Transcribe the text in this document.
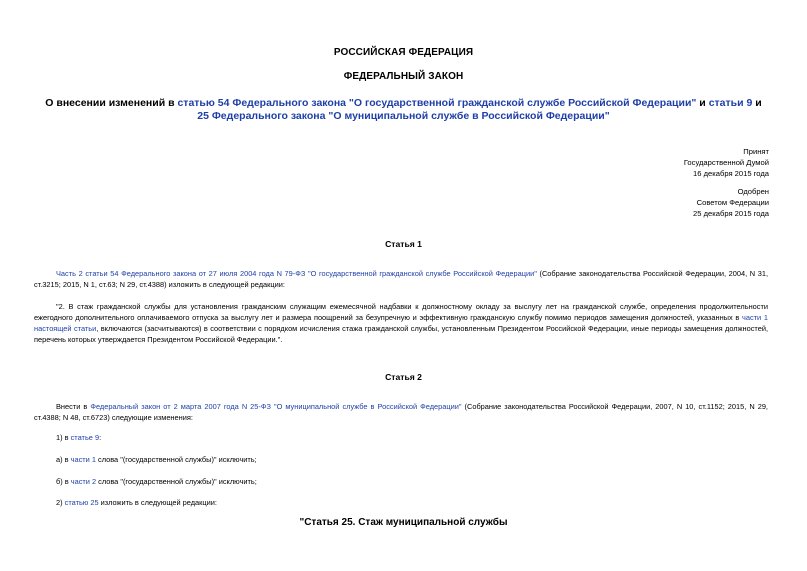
РОССИЙСКАЯ ФЕДЕРАЦИЯ
ФЕДЕРАЛЬНЫЙ ЗАКОН
О внесении изменений в статью 54 Федерального закона "О государственной гражданской службе Российской Федерации" и статьи 9 и 25 Федерального закона "О муниципальной службе в Российской Федерации"
Принят
Государственной Думой
16 декабря 2015 года
Одобрен
Советом Федерации
25 декабря 2015 года
Статья 1
Часть 2 статьи 54 Федерального закона от 27 июля 2004 года N 79-ФЗ "О государственной гражданской службе Российской Федерации" (Собрание законодательства Российской Федерации, 2004, N 31, ст.3215; 2015, N 1, ст.63; N 29, ст.4388) изложить в следующей редакции:
"2. В стаж гражданской службы для установления гражданским служащим ежемесячной надбавки к должностному окладу за выслугу лет на гражданской службе, определения продолжительности ежегодного дополнительного оплачиваемого отпуска за выслугу лет и размера поощрений за безупречную и эффективную гражданскую службу помимо периодов замещения должностей, указанных в части 1 настоящей статьи, включаются (засчитываются) в соответствии с порядком исчисления стажа гражданской службы, установленным Президентом Российской Федерации, иные периоды замещения должностей, перечень которых утверждается Президентом Российской Федерации.".
Статья 2
Внести в Федеральный закон от 2 марта 2007 года N 25-ФЗ "О муниципальной службе в Российской Федерации" (Собрание законодательства Российской Федерации, 2007, N 10, ст.1152; 2015, N 29, ст.4388; N 48, ст.6723) следующие изменения:
1) в статье 9:
а) в части 1 слова "(государственной службы)" исключить;
б) в части 2 слова "(государственной службы)" исключить;
2) статью 25 изложить в следующей редакции:
"Статья 25. Стаж муниципальной службы
